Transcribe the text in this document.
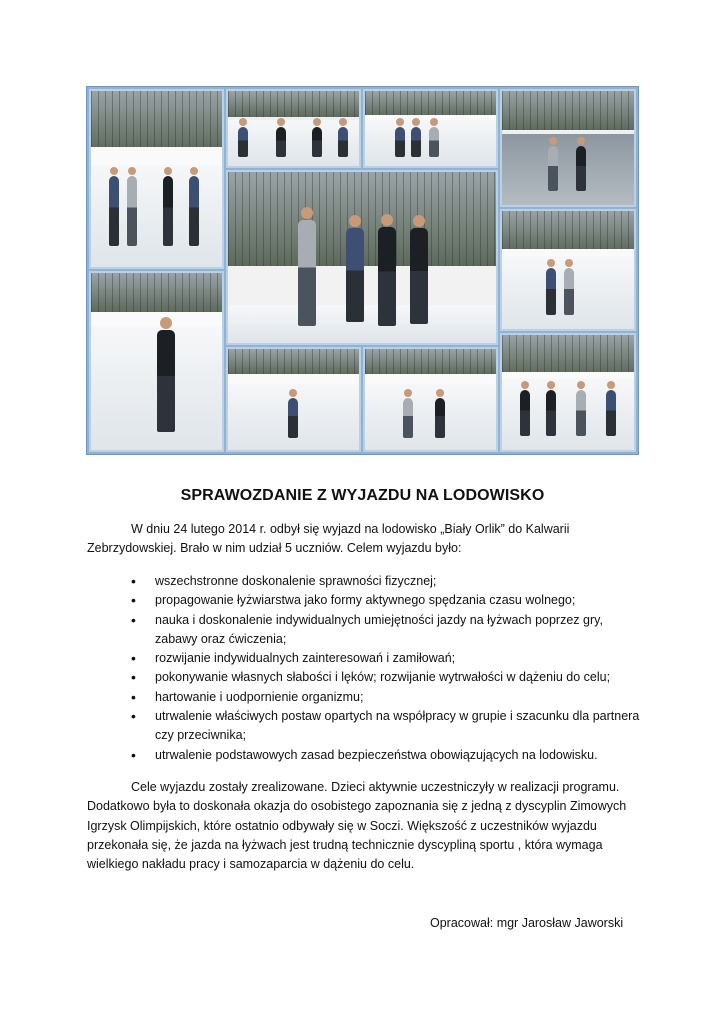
SPRAWOZDANIE Z WYJAZDU NA LODOWISKO

W dniu 24 lutego 2014 r. odbył się wyjazd na lodowisko „Biały Orlik” do Kalwarii Zebrzydowskiej. Brało w nim udział 5 uczniów. Celem wyjazdu było:

• wszechstronne doskonalenie sprawności fizycznej;
• propagowanie łyżwiarstwa jako formy aktywnego spędzania czasu wolnego;
• nauka i doskonalenie indywidualnych umiejętności jazdy na łyżwach poprzez gry, zabawy oraz ćwiczenia;
• rozwijanie indywidualnych zainteresowań i zamiłowań;
• pokonywanie własnych słabości i lęków; rozwijanie wytrwałości w dążeniu do celu;
• hartowanie i uodpornienie organizmu;
• utrwalenie właściwych postaw opartych na współpracy w grupie i szacunku dla partnera czy przeciwnika;
• utrwalenie podstawowych zasad bezpieczeństwa obowiązujących na lodowisku.

Cele wyjazdu zostały zrealizowane. Dzieci aktywnie uczestniczyły w realizacji programu. Dodatkowo była to doskonała okazja do osobistego zapoznania się z jedną z dyscyplin Zimowych Igrzysk Olimpijskich, które ostatnio odbywały się w Soczi. Większość z uczestników wyjazdu przekonała się, że jazda na łyżwach jest trudną technicznie dyscypliną sportu , która wymaga wielkiego nakładu pracy i samozaparcia w dążeniu do celu.

Opracował: mgr Jarosław Jaworski
